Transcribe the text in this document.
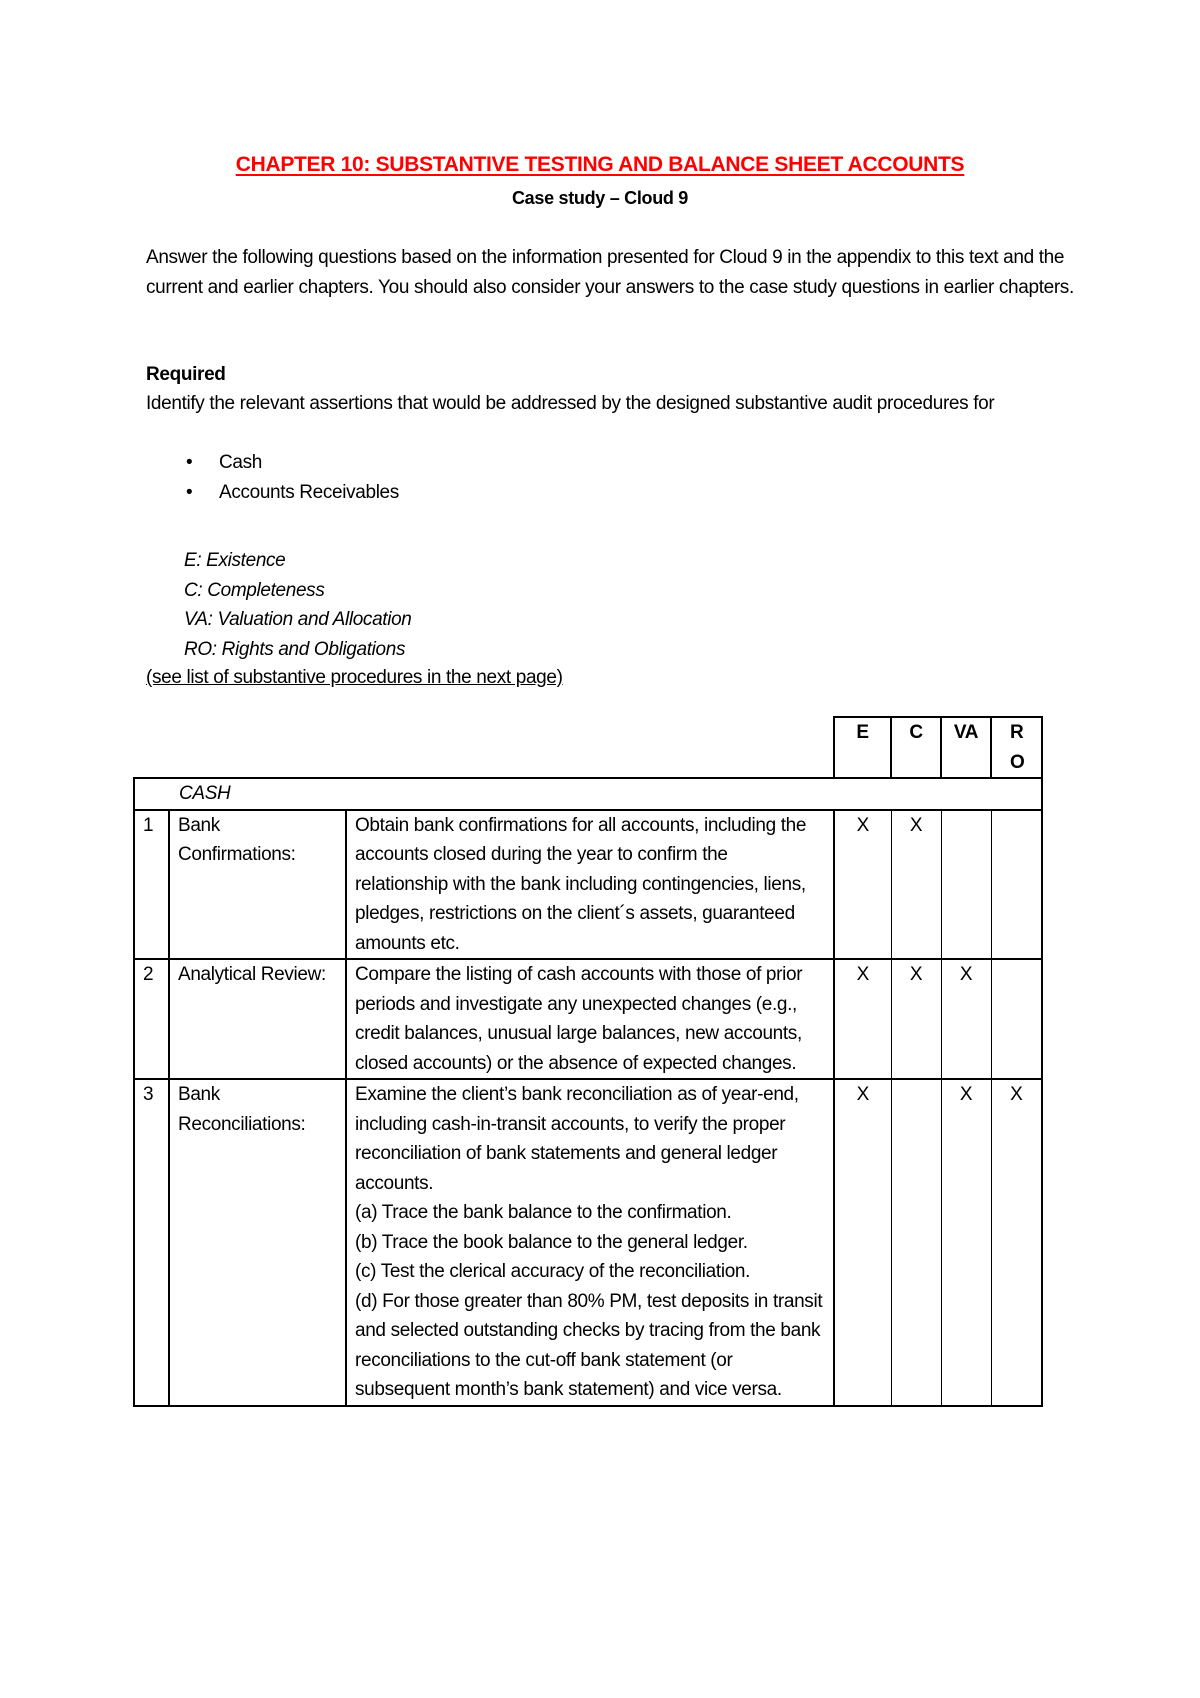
CHAPTER 10: SUBSTANTIVE TESTING AND BALANCE SHEET ACCOUNTS
Case study – Cloud 9
Answer the following questions based on the information presented for Cloud 9 in the appendix to this text and the current and earlier chapters. You should also consider your answers to the case study questions in earlier chapters.
Required
Identify the relevant assertions that would be addressed by the designed substantive audit procedures for
• Cash
• Accounts Receivables
E: Existence
C: Completeness
VA: Valuation and Allocation
RO: Rights and Obligations
(see list of substantive procedures in the next page)
			E	C	VA	RO
CASH						
1	Bank Confirmations:	Obtain bank confirmations for all accounts, including the accounts closed during the year to confirm the relationship with the bank including contingencies, liens, pledges, restrictions on the client´s assets, guaranteed amounts etc.	X	X		
2	Analytical Review:	Compare the listing of cash accounts with those of prior periods and investigate any unexpected changes (e.g., credit balances, unusual large balances, new accounts, closed accounts) or the absence of expected changes.	X	X	X	
3	Bank Reconciliations:	Examine the client’s bank reconciliation as of year-end, including cash-in-transit accounts, to verify the proper reconciliation of bank statements and general ledger accounts.
(a) Trace the bank balance to the confirmation.
(b) Trace the book balance to the general ledger.
(c) Test the clerical accuracy of the reconciliation.
(d) For those greater than 80% PM, test deposits in transit and selected outstanding checks by tracing from the bank reconciliations to the cut-off bank statement (or subsequent month’s bank statement) and vice versa.	X		X	X
